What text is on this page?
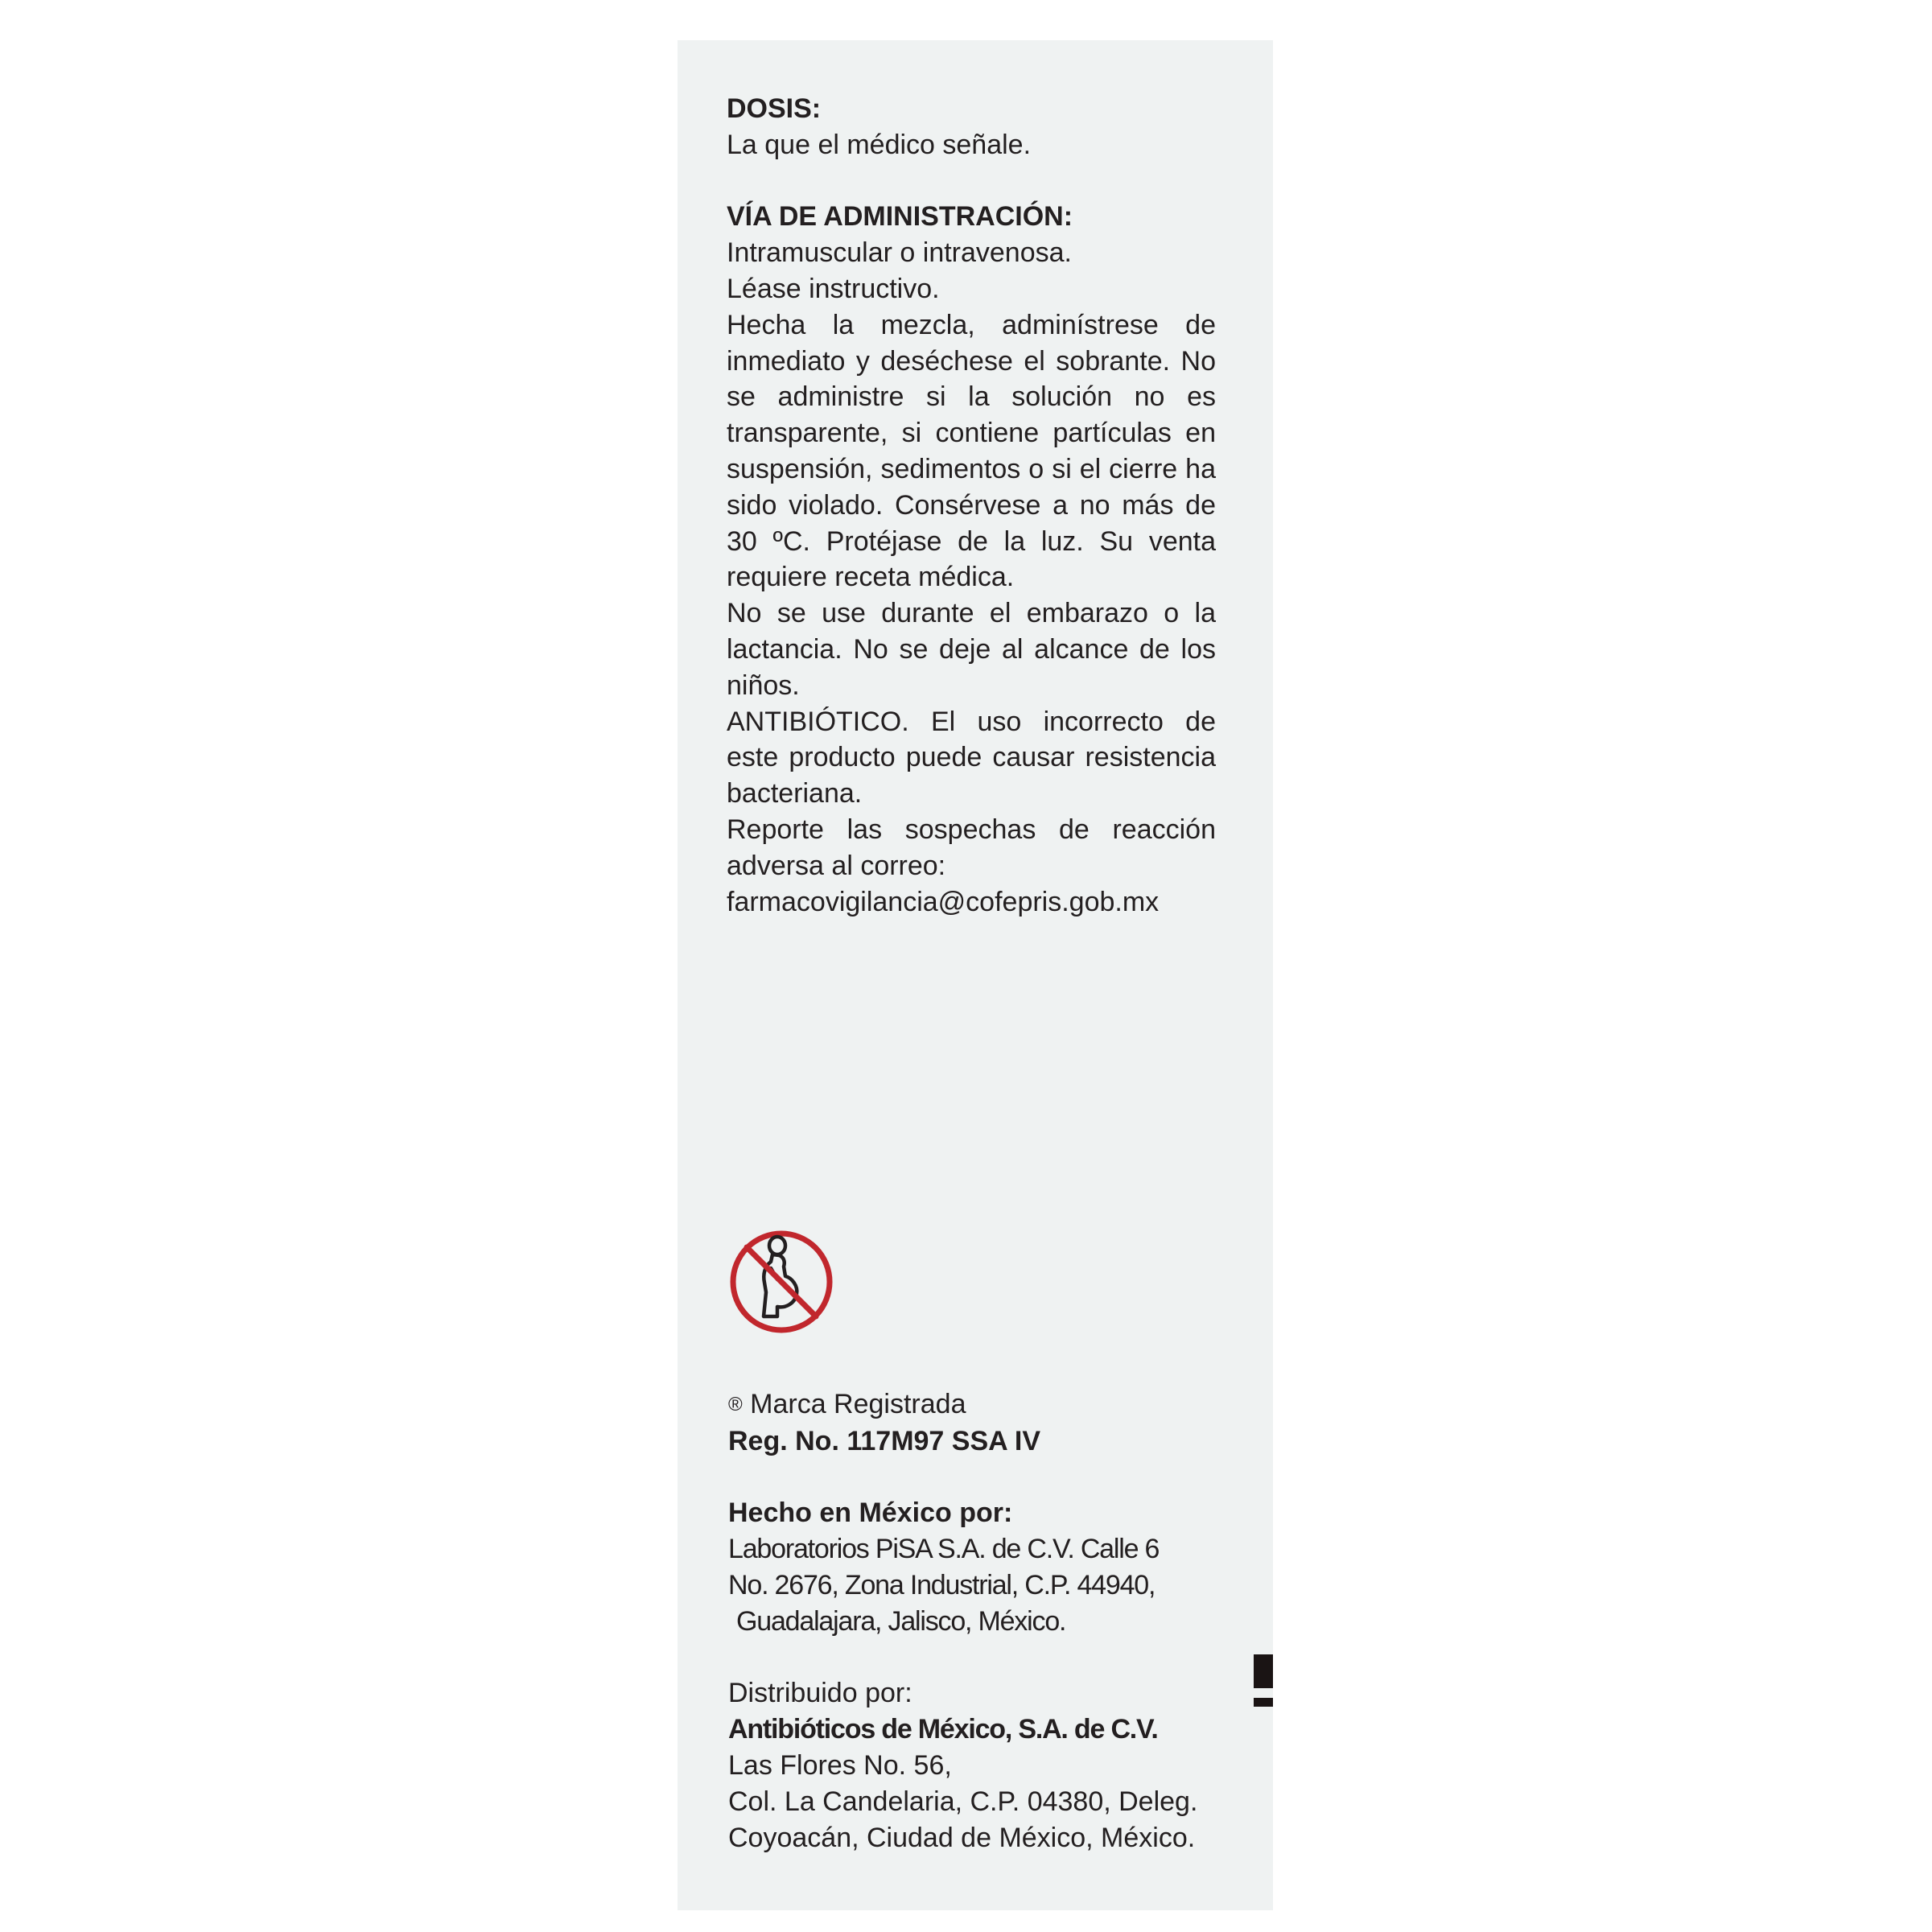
DOSIS:
La que el médico señale.
VÍA DE ADMINISTRACIÓN:
Intramuscular o intravenosa.
Léase instructivo.

Hecha la mezcla, adminístrese de inmediato y deséchese el sobrante. No se administre si la solución no es transparente, si contiene partículas en suspensión, sedimentos o si el cierre ha sido violado. Consérvese a no más de 30 ºC. Protéjase de la luz. Su venta requiere receta médica.

No se use durante el embarazo o la lactancia. No se deje al alcance de los niños.

ANTIBIÓTICO. El uso incorrecto de este producto puede causar resistencia bacteriana.

Reporte las sospechas de reacción adversa al correo:

farmacovigilancia@cofepris.gob.mx
® Marca Registrada
Reg. No. 117M97 SSA IV
Hecho en México por:
Laboratorios PiSA S.A. de C.V. Calle 6
No. 2676, Zona Industrial, C.P. 44940,
Guadalajara, Jalisco, México.
Distribuido por:
Antibióticos de México, S.A. de C.V.
Las Flores No. 56,
Col. La Candelaria, C.P. 04380, Deleg.
Coyoacán, Ciudad de México, México.
